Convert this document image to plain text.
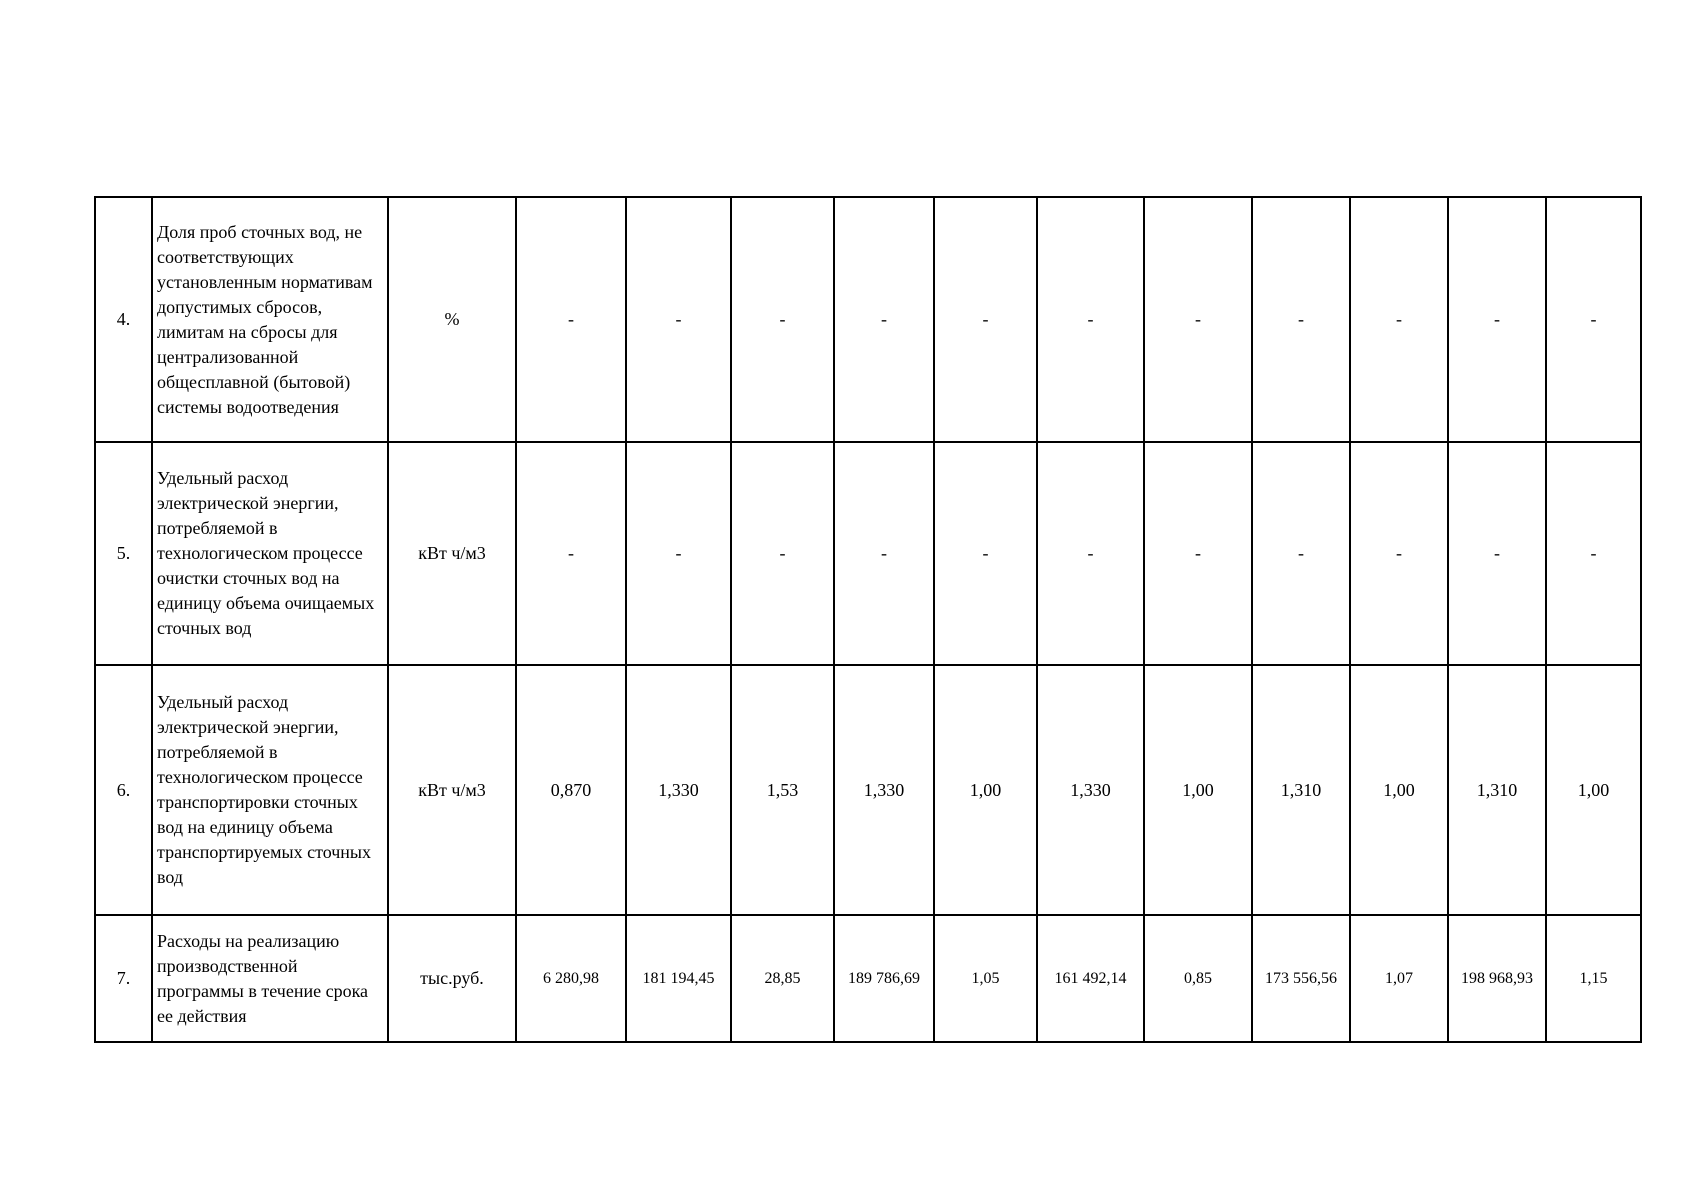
4.	Доля проб сточных вод, не соответствующих установленным нормативам допустимых сбросов, лимитам на сбросы для централизованной общесплавной (бытовой) системы водоотведения	%	-	-	-	-	-	-	-	-	-	-	-
5.	Удельный расход электрической энергии, потребляемой в технологическом процессе очистки сточных вод на единицу объема очищаемых сточных вод	кВт ч/м3	-	-	-	-	-	-	-	-	-	-	-
6.	Удельный расход электрической энергии, потребляемой в технологическом процессе транспортировки сточных вод на единицу объема транспортируемых сточных вод	кВт ч/м3	0,870	1,330	1,53	1,330	1,00	1,330	1,00	1,310	1,00	1,310	1,00
7.	Расходы на реализацию производственной программы в течение срока ее действия	тыс.руб.	6 280,98	181 194,45	28,85	189 786,69	1,05	161 492,14	0,85	173 556,56	1,07	198 968,93	1,15
